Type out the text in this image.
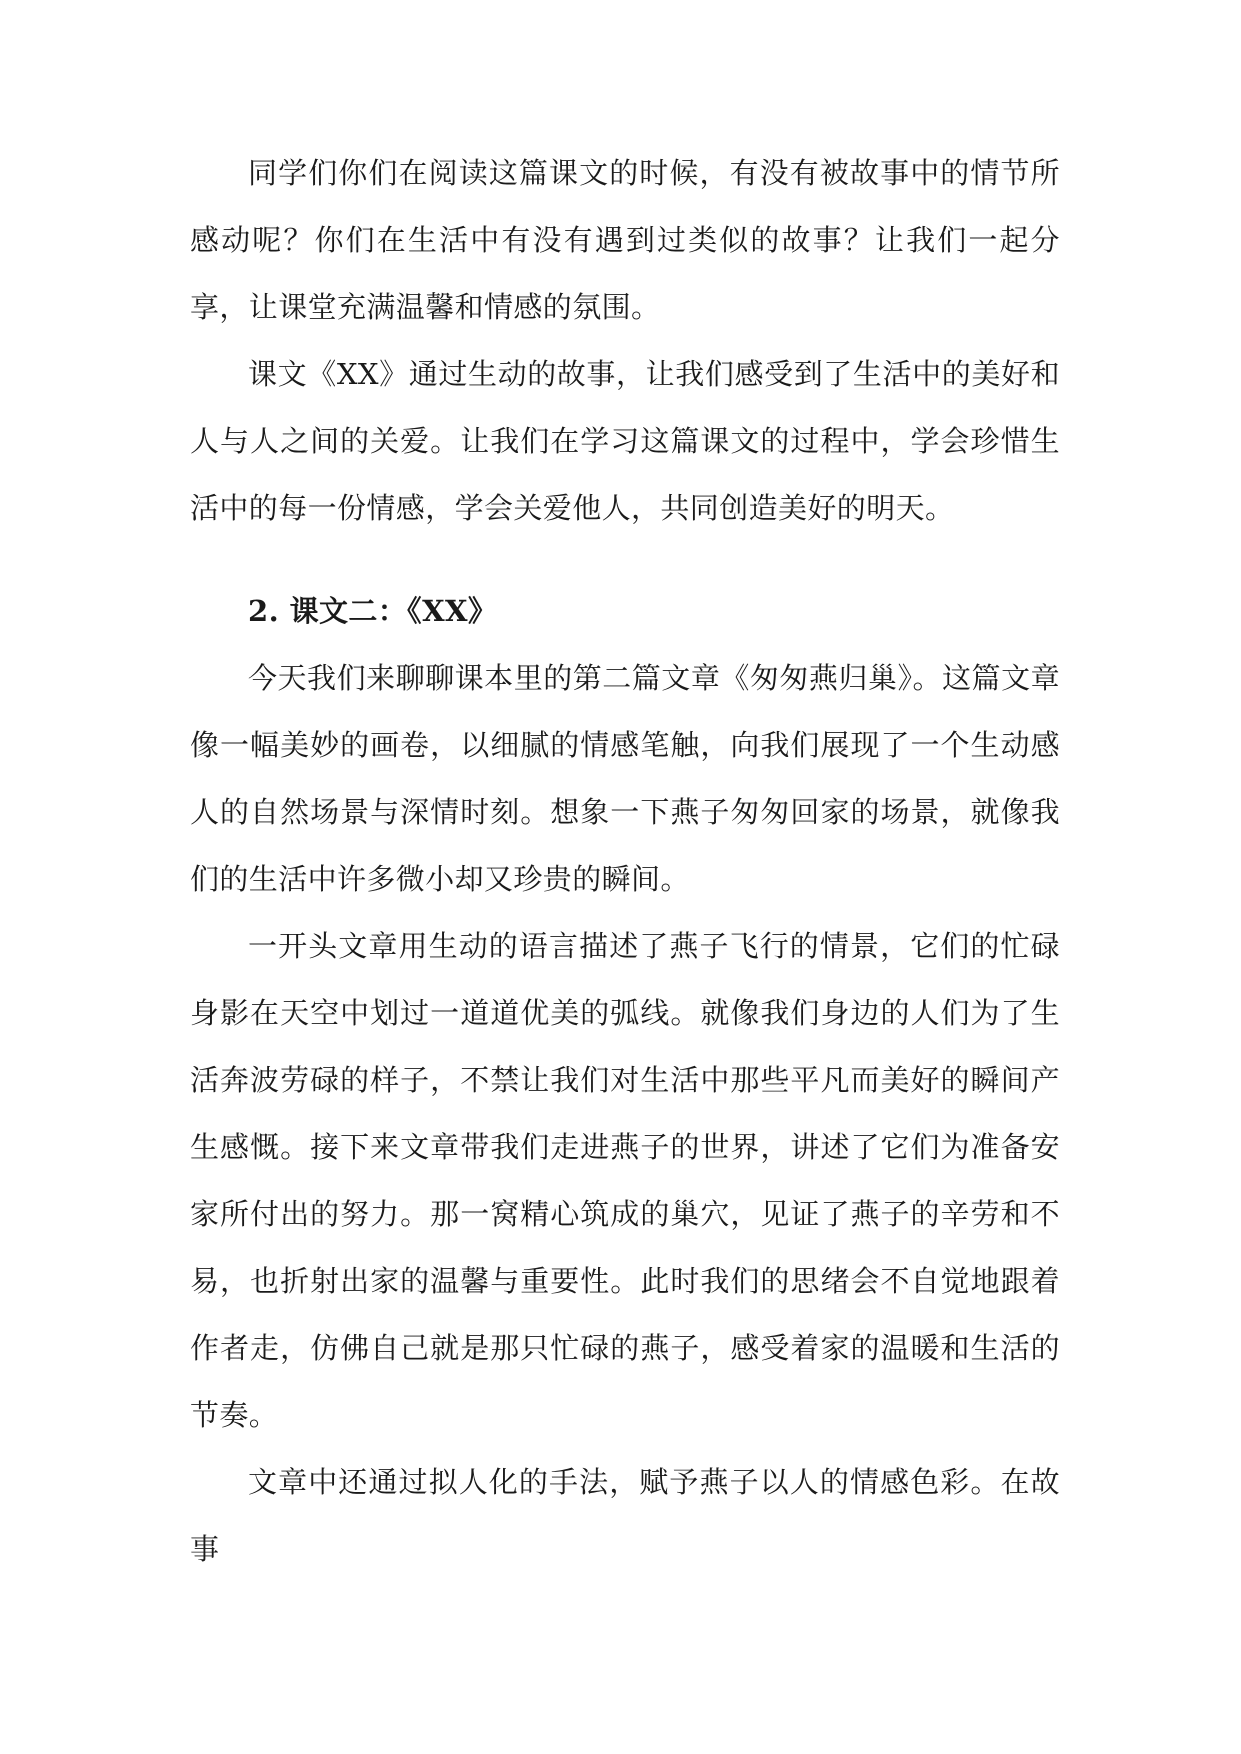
同学们你们在阅读这篇课文的时候，有没有被故事中的情节所感动呢？你们在生活中有没有遇到过类似的故事？让我们一起分享，让课堂充满温馨和情感的氛围。

课文《XX》通过生动的故事，让我们感受到了生活中的美好和人与人之间的关爱。让我们在学习这篇课文的过程中，学会珍惜生活中的每一份情感，学会关爱他人，共同创造美好的明天。

2. 课文二：《XX》

今天我们来聊聊课本里的第二篇文章《匆匆燕归巢》。这篇文章像一幅美妙的画卷，以细腻的情感笔触，向我们展现了一个生动感人的自然场景与深情时刻。想象一下燕子匆匆回家的场景，就像我们的生活中许多微小却又珍贵的瞬间。

一开头文章用生动的语言描述了燕子飞行的情景，它们的忙碌身影在天空中划过一道道优美的弧线。就像我们身边的人们为了生活奔波劳碌的样子，不禁让我们对生活中那些平凡而美好的瞬间产生感慨。接下来文章带我们走进燕子的世界，讲述了它们为准备安家所付出的努力。那一窝精心筑成的巢穴，见证了燕子的辛劳和不易，也折射出家的温馨与重要性。此时我们的思绪会不自觉地跟着作者走，仿佛自己就是那只忙碌的燕子，感受着家的温暖和生活的节奏。

文章中还通过拟人化的手法，赋予燕子以人的情感色彩。在故事
